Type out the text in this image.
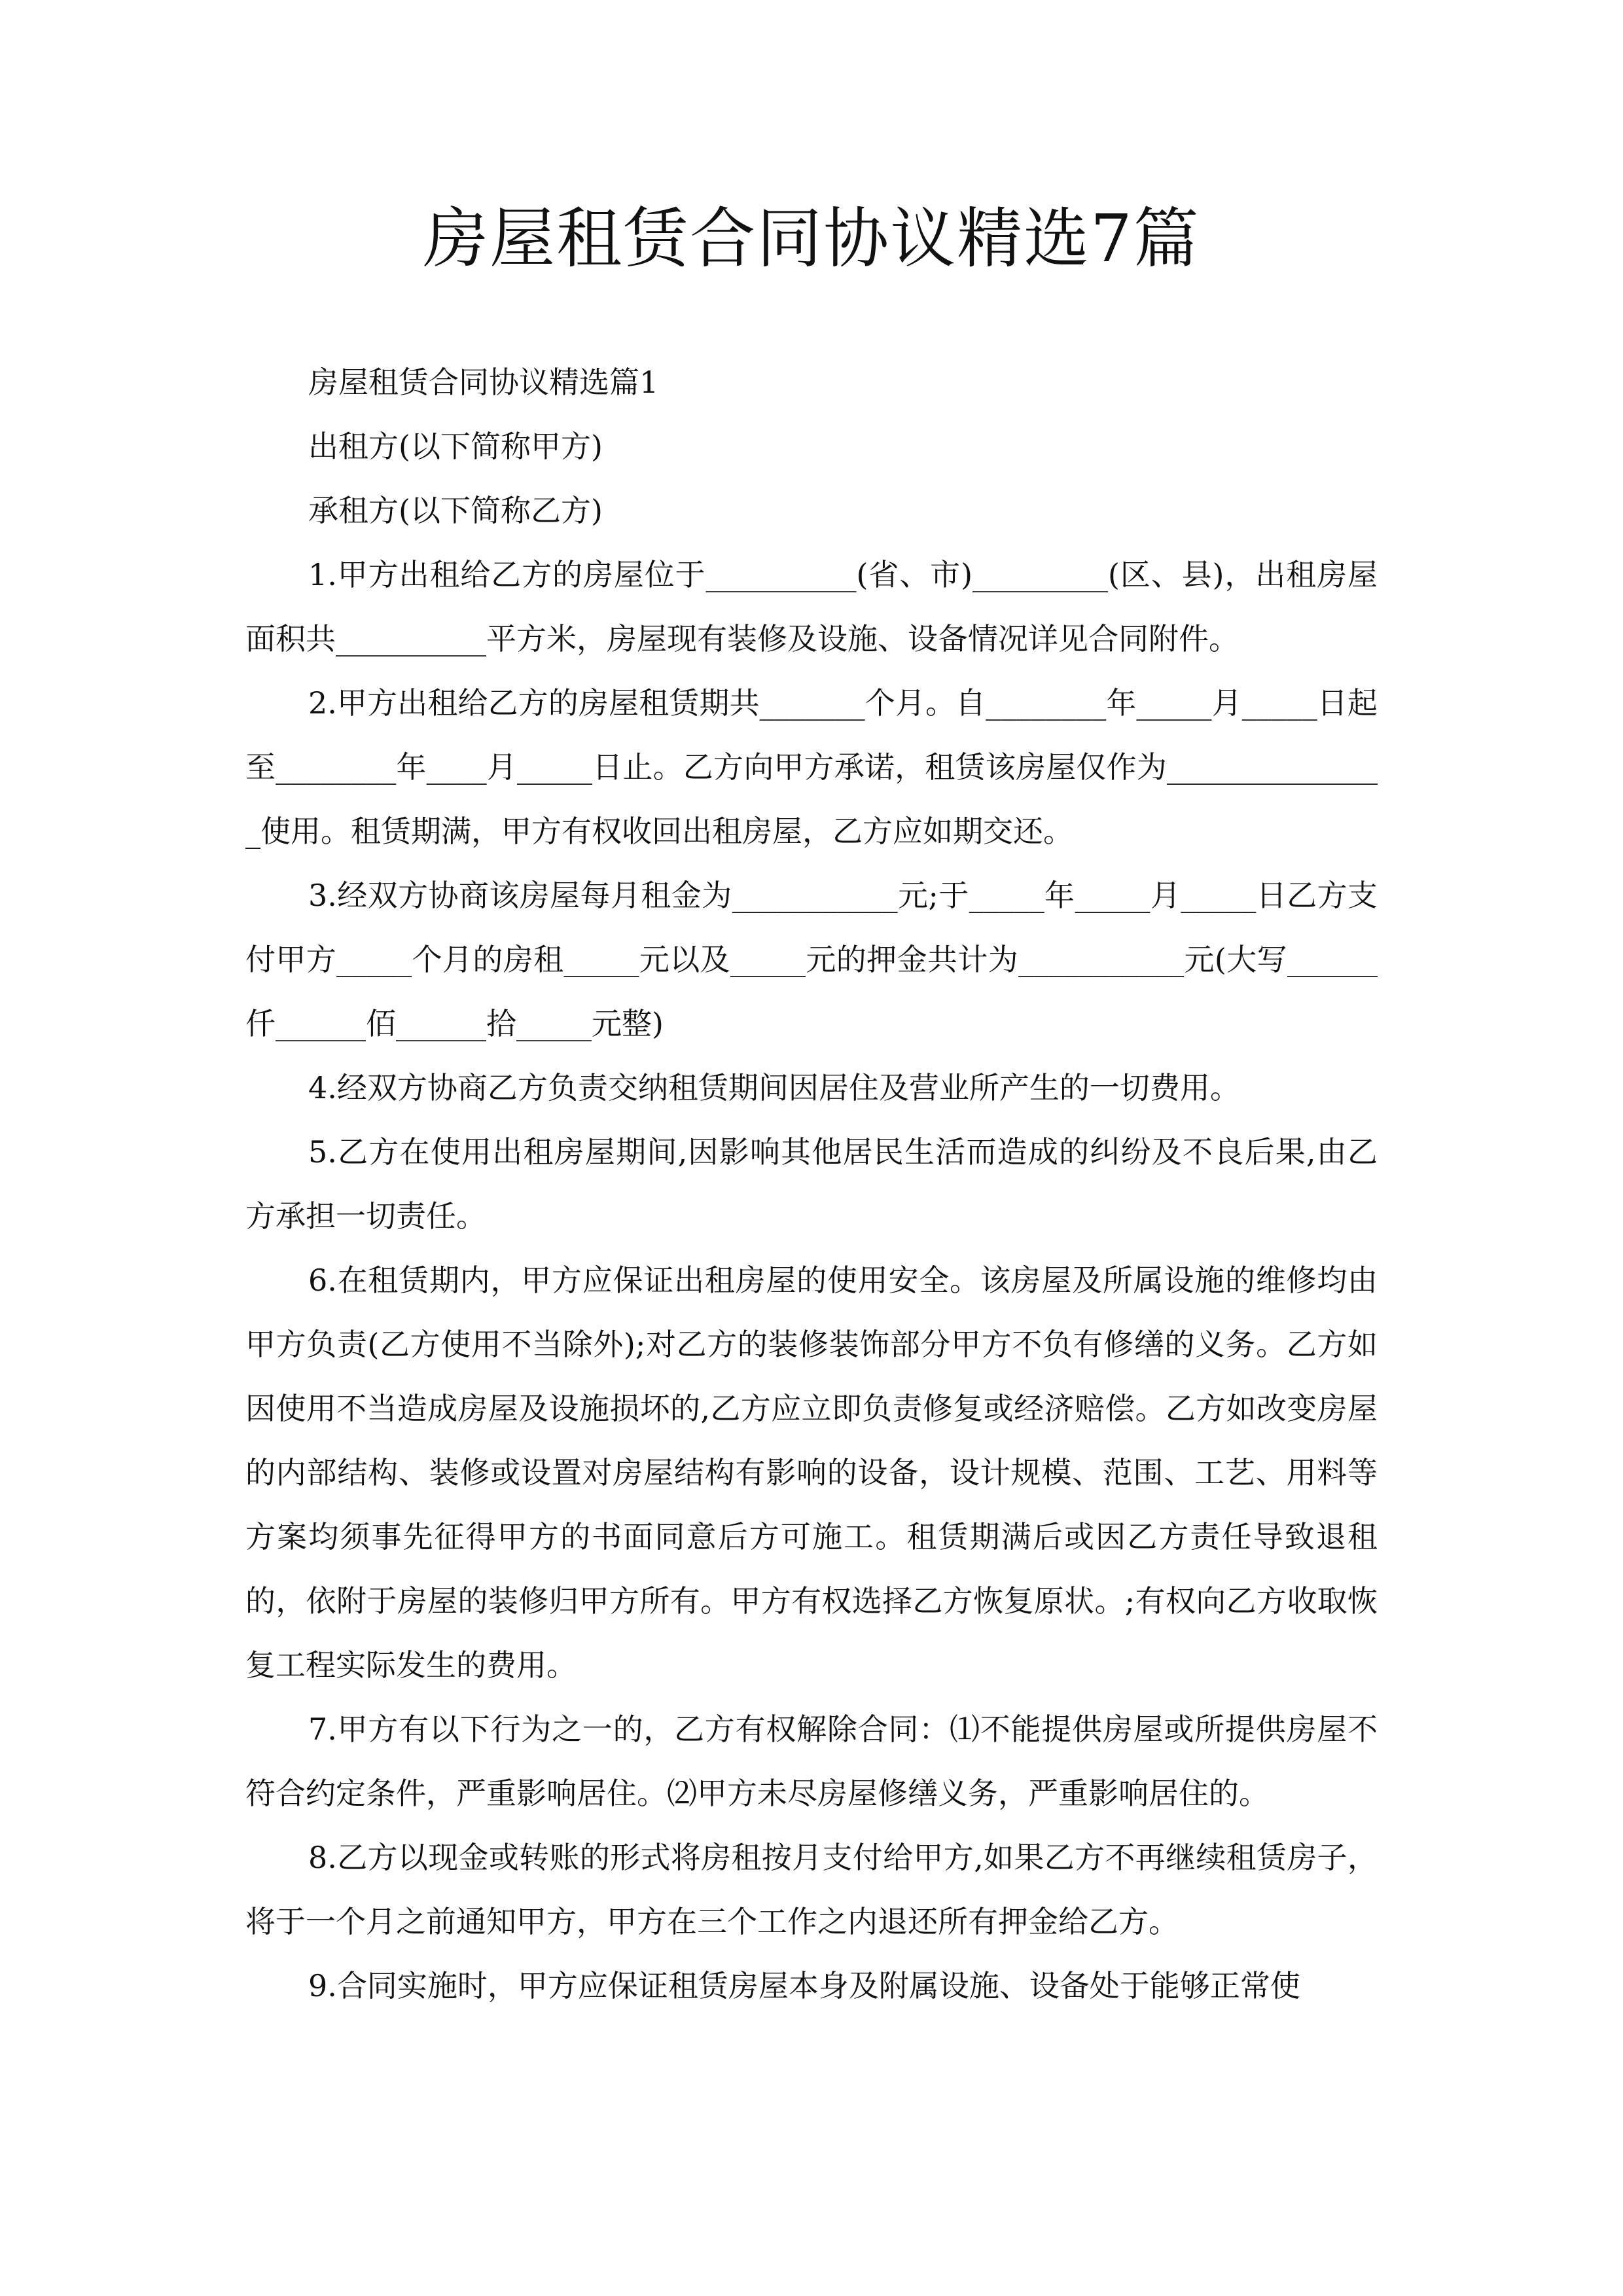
房屋租赁合同协议精选7篇

房屋租赁合同协议精选篇1

出租方(以下简称甲方)

承租方(以下简称乙方)

1.甲方出租给乙方的房屋位于__________(省、市)_________(区、县)，出租房屋面积共__________平方米，房屋现有装修及设施、设备情况详见合同附件。

2.甲方出租给乙方的房屋租赁期共_______个月。自________年_____月_____日起至________年____月_____日止。乙方向甲方承诺，租赁该房屋仅作为_______________使用。租赁期满，甲方有权收回出租房屋，乙方应如期交还。

3.经双方协商该房屋每月租金为___________元;于_____年_____月_____日乙方支付甲方_____个月的房租_____元以及_____元的押金共计为___________元(大写______仟______佰______拾_____元整)

4.经双方协商乙方负责交纳租赁期间因居住及营业所产生的一切费用。

5.乙方在使用出租房屋期间,因影响其他居民生活而造成的纠纷及不良后果,由乙方承担一切责任。

6.在租赁期内，甲方应保证出租房屋的使用安全。该房屋及所属设施的维修均由甲方负责(乙方使用不当除外);对乙方的装修装饰部分甲方不负有修缮的义务。乙方如因使用不当造成房屋及设施损坏的,乙方应立即负责修复或经济赔偿。乙方如改变房屋的内部结构、装修或设置对房屋结构有影响的设备，设计规模、范围、工艺、用料等方案均须事先征得甲方的书面同意后方可施工。租赁期满后或因乙方责任导致退租的，依附于房屋的装修归甲方所有。甲方有权选择乙方恢复原状。;有权向乙方收取恢复工程实际发生的费用。

7.甲方有以下行为之一的，乙方有权解除合同：⑴不能提供房屋或所提供房屋不符合约定条件，严重影响居住。⑵甲方未尽房屋修缮义务，严重影响居住的。

8.乙方以现金或转账的形式将房租按月支付给甲方,如果乙方不再继续租赁房子，将于一个月之前通知甲方，甲方在三个工作之内退还所有押金给乙方。

9.合同实施时，甲方应保证租赁房屋本身及附属设施、设备处于能够正常使
